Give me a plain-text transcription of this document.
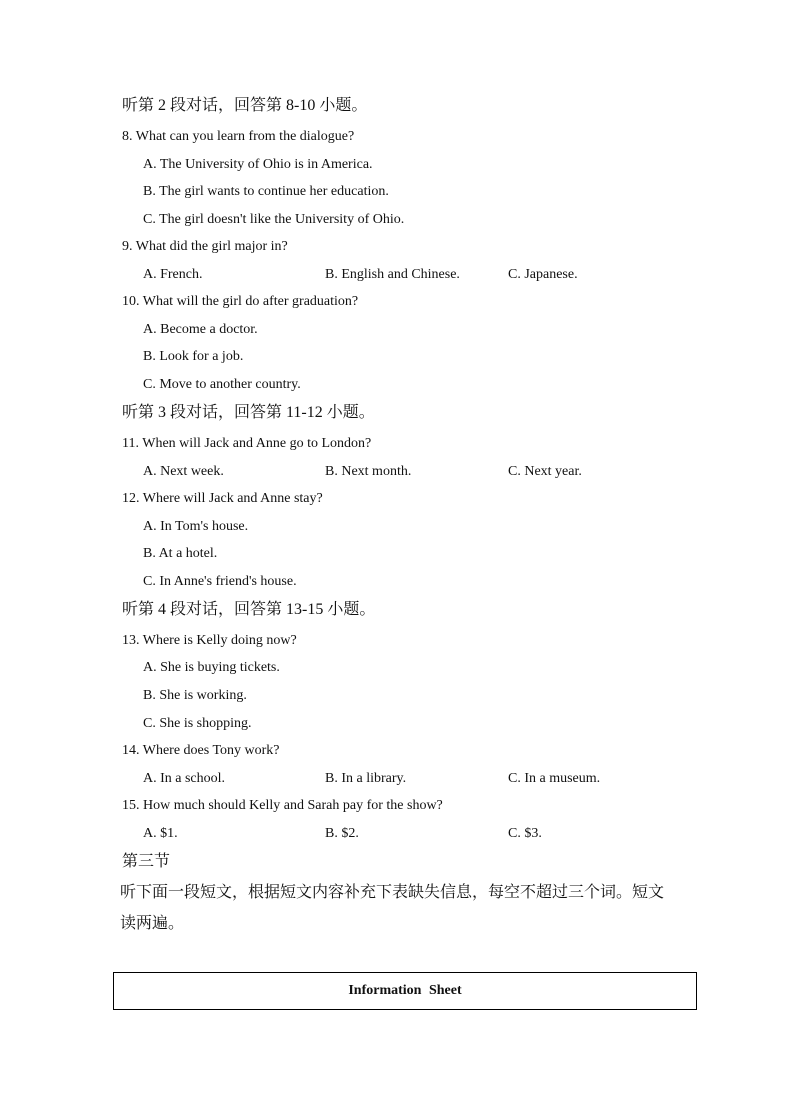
听第 2 段对话，回答第 8-10 小题。
8. What can you learn from the dialogue?
A. The University of Ohio is in America.
B. The girl wants to continue her education.
C. The girl doesn't like the University of Ohio.
9. What did the girl major in?
A. French.	B. English and Chinese.	C. Japanese.
10. What will the girl do after graduation?
A. Become a doctor.
B. Look for a job.
C. Move to another country.
听第 3 段对话，回答第 11-12 小题。
11. When will Jack and Anne go to London?
A. Next week.	B. Next month.	C. Next year.
12. Where will Jack and Anne stay?
A. In Tom's house.
B. At a hotel.
C. In Anne's friend's house.
听第 4 段对话，回答第 13-15 小题。
13. Where is Kelly doing now?
A. She is buying tickets.
B. She is working.
C. She is shopping.
14. Where does Tony work?
A. In a school.	B. In a library.	C. In a museum.
15. How much should Kelly and Sarah pay for the show?
A. $1.	B. $2.	C. $3.
第三节
听下面一段短文，根据短文内容补充下表缺失信息，每空不超过三个词。短文
读两遍。
Information Sheet
